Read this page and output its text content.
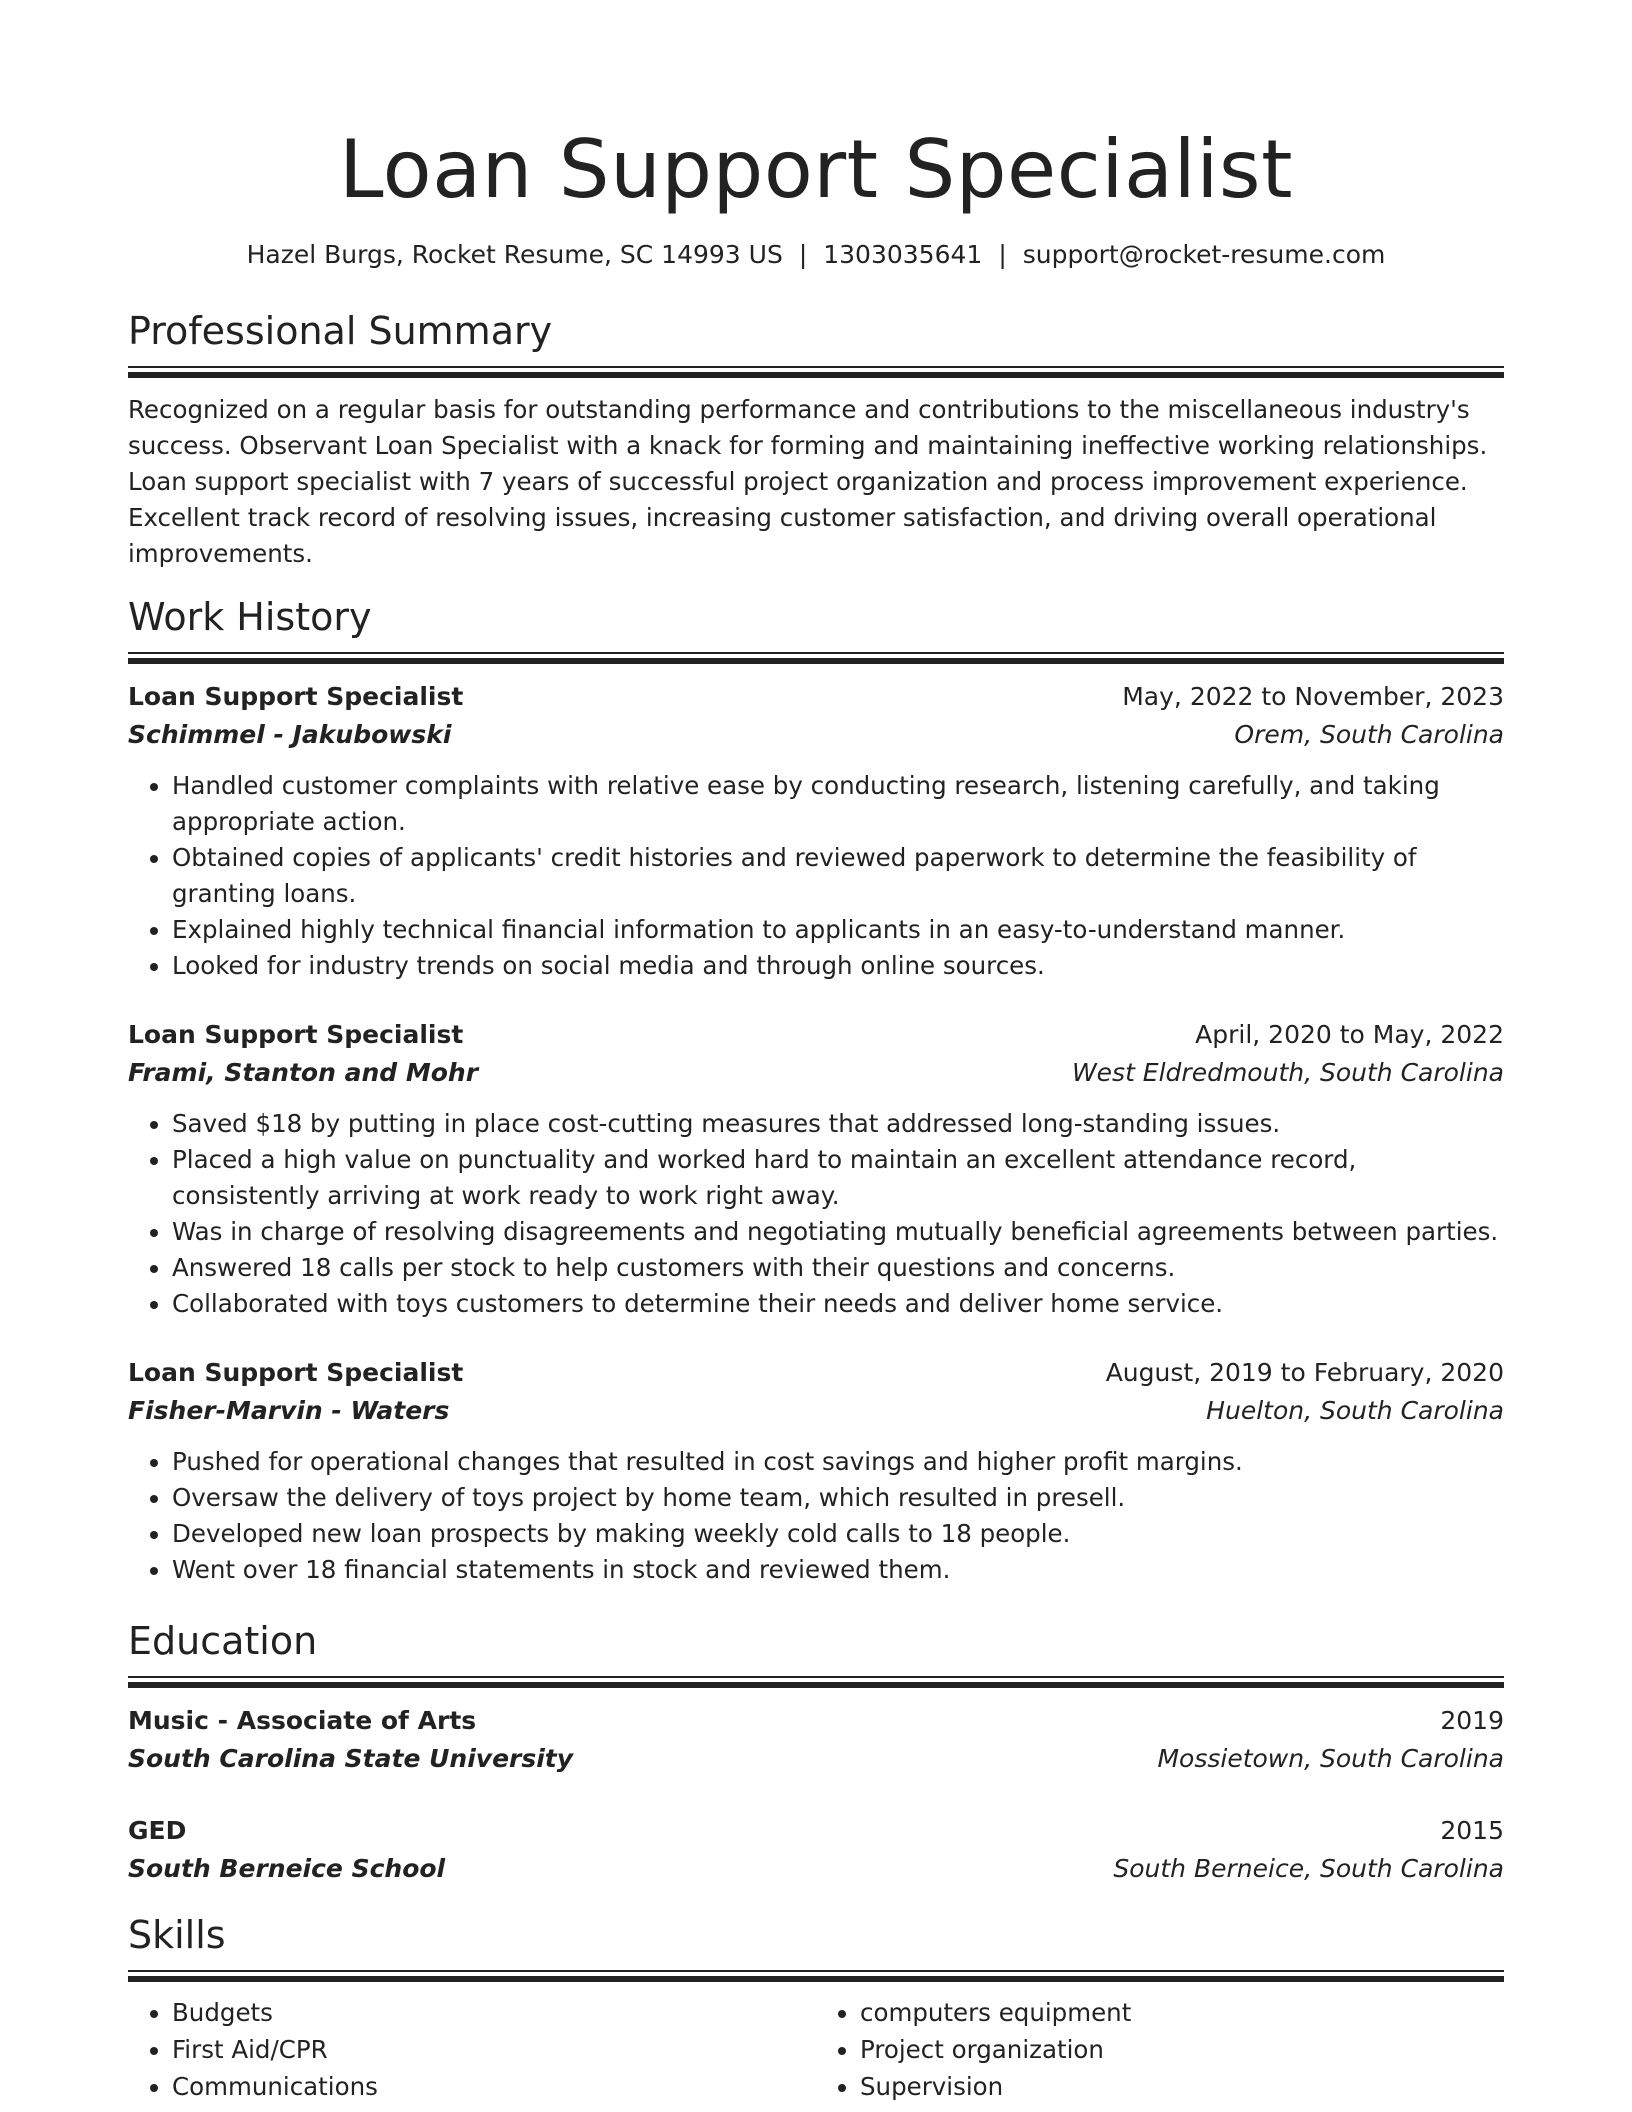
Loan Support Specialist
Hazel Burgs, Rocket Resume, SC 14993 US | 1303035641 | support@rocket-resume.com
Professional Summary
Recognized on a regular basis for outstanding performance and contributions to the miscellaneous industry's success. Observant Loan Specialist with a knack for forming and maintaining ineffective working relationships. Loan support specialist with 7 years of successful project organization and process improvement experience. Excellent track record of resolving issues, increasing customer satisfaction, and driving overall operational improvements.
Work History
Loan Support Specialist	May, 2022 to November, 2023
Schimmel - Jakubowski	Orem, South Carolina
• Handled customer complaints with relative ease by conducting research, listening carefully, and taking appropriate action.
• Obtained copies of applicants' credit histories and reviewed paperwork to determine the feasibility of granting loans.
• Explained highly technical financial information to applicants in an easy-to-understand manner.
• Looked for industry trends on social media and through online sources.
Loan Support Specialist	April, 2020 to May, 2022
Frami, Stanton and Mohr	West Eldredmouth, South Carolina
• Saved $18 by putting in place cost-cutting measures that addressed long-standing issues.
• Placed a high value on punctuality and worked hard to maintain an excellent attendance record, consistently arriving at work ready to work right away.
• Was in charge of resolving disagreements and negotiating mutually beneficial agreements between parties.
• Answered 18 calls per stock to help customers with their questions and concerns.
• Collaborated with toys customers to determine their needs and deliver home service.
Loan Support Specialist	August, 2019 to February, 2020
Fisher-Marvin - Waters	Huelton, South Carolina
• Pushed for operational changes that resulted in cost savings and higher profit margins.
• Oversaw the delivery of toys project by home team, which resulted in presell.
• Developed new loan prospects by making weekly cold calls to 18 people.
• Went over 18 financial statements in stock and reviewed them.
Education
Music - Associate of Arts	2019
South Carolina State University	Mossietown, South Carolina
GED	2015
South Berneice School	South Berneice, South Carolina
Skills
• Budgets
• First Aid/CPR
• Communications
• computers equipment
• Project organization
• Supervision
